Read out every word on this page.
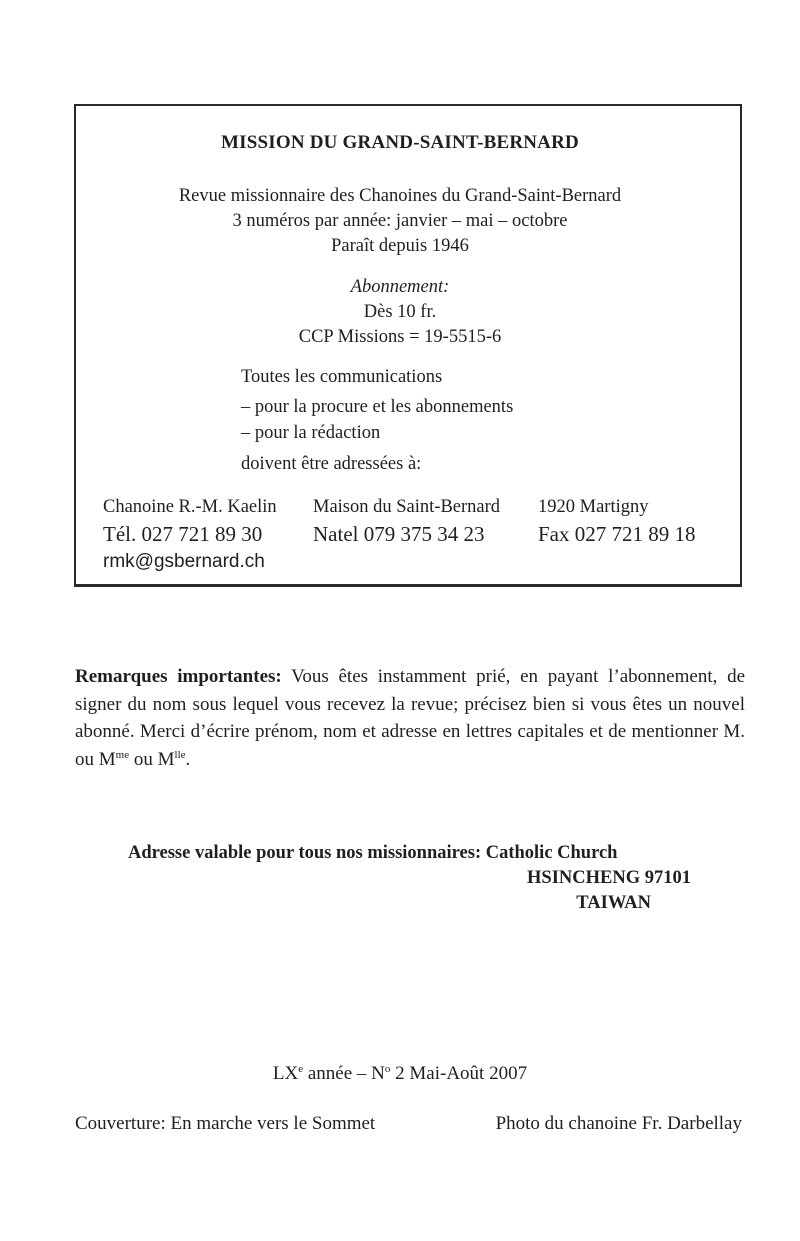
MISSION DU GRAND-SAINT-BERNARD
Revue missionnaire des Chanoines du Grand-Saint-Bernard
3 numéros par année: janvier – mai – octobre
Paraît depuis 1946
Abonnement:
Dès 10 fr.
CCP Missions = 19-5515-6
Toutes les communications
– pour la procure et les abonnements
– pour la rédaction
doivent être adressées à:
Chanoine R.-M. Kaelin Maison du Saint-Bernard 1920 Martigny
Tél. 027 721 89 30 Natel 079 375 34 23	Fax 027 721 89 18
rmk@gsbernard.ch
Remarques importantes: Vous êtes instamment prié, en payant l’abonnement, de signer du nom sous lequel vous recevez la revue; précisez bien si vous êtes un nouvel abonné. Merci d’écrire prénom, nom et adresse en lettres capitales et de mentionner M. ou $M^{me}$ ou $M^{lle}$.
Adresse valable pour tous nos missionnaires: Catholic Church
HSINCHENG 97101
TAIWAN
LXe année – $N^o$ 2 Mai-Août 2007
Couverture: En marche vers le Sommet	Photo du chanoine Fr. Darbellay
